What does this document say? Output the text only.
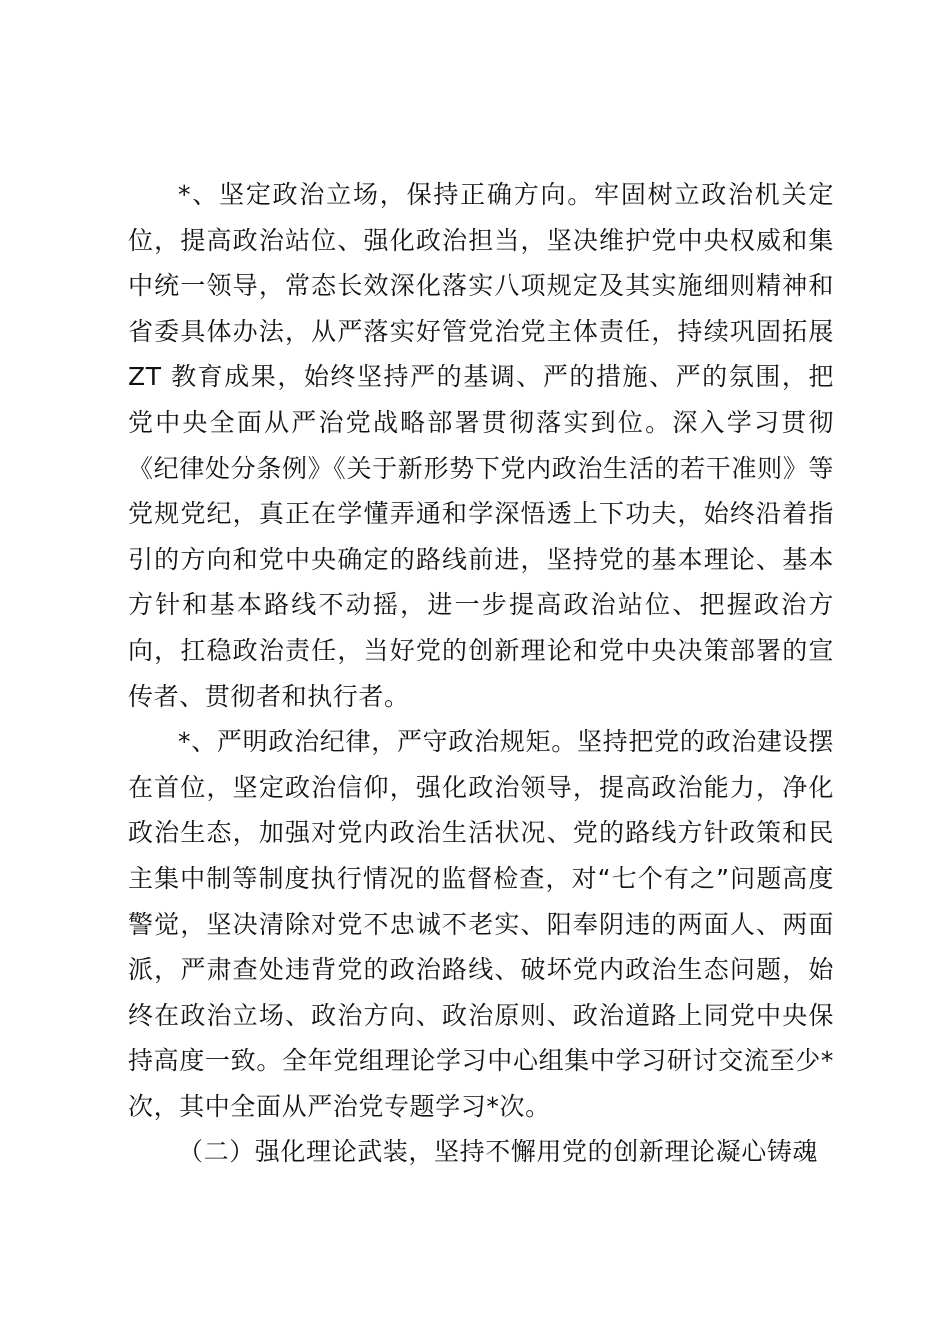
*、坚定政治立场，保持正确方向。牢固树立政治机关定位，提高政治站位、强化政治担当，坚决维护党中央权威和集中统一领导，常态长效深化落实八项规定及其实施细则精神和省委具体办法，从严落实好管党治党主体责任，持续巩固拓展 ZT 教育成果，始终坚持严的基调、严的措施、严的氛围，把党中央全面从严治党战略部署贯彻落实到位。深入学习贯彻《纪律处分条例》《关于新形势下党内政治生活的若干准则》等党规党纪，真正在学懂弄通和学深悟透上下功夫，始终沿着指引的方向和党中央确定的路线前进，坚持党的基本理论、基本方针和基本路线不动摇，进一步提高政治站位、把握政治方向，扛稳政治责任，当好党的创新理论和党中央决策部署的宣传者、贯彻者和执行者。

*、严明政治纪律，严守政治规矩。坚持把党的政治建设摆在首位，坚定政治信仰，强化政治领导，提高政治能力，净化政治生态，加强对党内政治生活状况、党的路线方针政策和民主集中制等制度执行情况的监督检查，对“七个有之”问题高度警觉，坚决清除对党不忠诚不老实、阳奉阴违的两面人、两面派，严肃查处违背党的政治路线、破坏党内政治生态问题，始终在政治立场、政治方向、政治原则、政治道路上同党中央保持高度一致。全年党组理论学习中心组集中学习研讨交流至少*次，其中全面从严治党专题学习*次。

（二）强化理论武装，坚持不懈用党的创新理论凝心铸魂
